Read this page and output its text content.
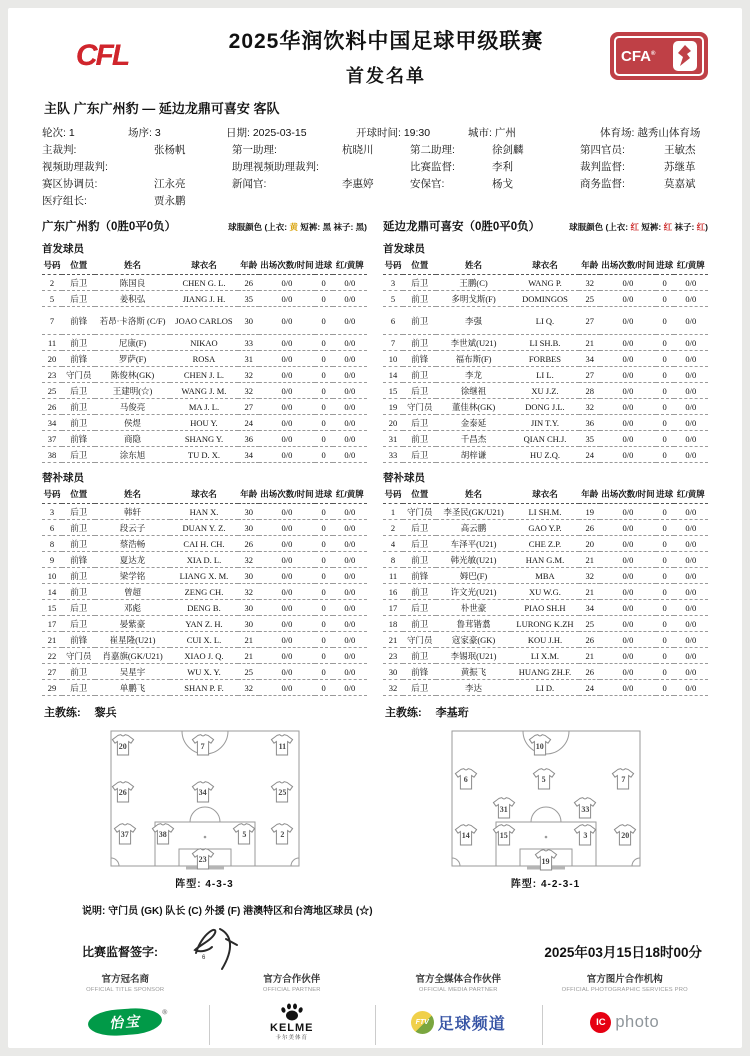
CFL	2025华润饮料中国足球甲级联赛
首发名单
CFA®
主队 广东广州豹 — 延边龙鼎可喜安 客队
轮次: 1	场序: 3	日期: 2025-03-15	开球时间: 19:30	城市: 广州	体育场: 越秀山体育场
主裁判:	张杨帆	第一助理:	杭晓川	第二助理:	徐剑麟	第四官员:	王敏杰
视频助理裁判:	助理视频助理裁判:	比赛监督:	李利	裁判监督:	苏继革
赛区协调员:	江永亮	新闻官:	李惠婷	安保官:	杨戈	商务监督:	莫嘉斌
医疗组长:	贾永鹏
广东广州豹（0胜0平0负）	球服颜色 (上衣: 黄 短裤: 黑 袜子: 黑)
首发球员
号码	位置	姓名	球衣名	年龄	出场次数/时间	进球	红/黄牌
2	后卫	陈国良	CHEN G. L.	26	0/0	0	0/0
5	后卫	姜积弘	JIANG J. H.	35	0/0	0	0/0
7	前锋	若昂·卡洛斯 (C/F)	JOAO CARLOS	30	0/0	0	0/0
11	前卫	尼康(F)	NIKAO	33	0/0	0	0/0
20	前锋	罗萨(F)	ROSA	31	0/0	0	0/0
23	守门员	陈俊林(GK)	CHEN J. L.	32	0/0	0	0/0
25	后卫	王建明(☆)	WANG J. M.	32	0/0	0	0/0
26	前卫	马俊亮	MA J. L.	27	0/0	0	0/0
34	前卫	侯煜	HOU Y.	24	0/0	0	0/0
37	前锋	商隐	SHANG Y.	36	0/0	0	0/0
38	后卫	涂东旭	TU D. X.	34	0/0	0	0/0
替补球员
号码	位置	姓名	球衣名	年龄	出场次数/时间	进球	红/黄牌
3	后卫	韩轩	HAN X.	30	0/0	0	0/0
6	前卫	段云子	DUAN Y. Z.	30	0/0	0	0/0
8	前卫	蔡浩畅	CAI H. CH.	26	0/0	0	0/0
9	前锋	夏达龙	XIA D. L.	32	0/0	0	0/0
10	前卫	梁学铭	LIANG X. M.	30	0/0	0	0/0
14	前卫	曾超	ZENG CH.	32	0/0	0	0/0
15	后卫	邓彪	DENG B.	30	0/0	0	0/0
17	后卫	晏紫豪	YAN Z. H.	30	0/0	0	0/0
21	前锋	崔星隆(U21)	CUI X. L.	21	0/0	0	0/0
22	守门员	肖嘉旗(GK/U21)	XIAO J. Q.	21	0/0	0	0/0
27	前卫	吴星宇	WU X. Y.	25	0/0	0	0/0
29	后卫	单鹏飞	SHAN P. F.	32	0/0	0	0/0
主教练: 黎兵
20	7	11
26	34	25
37	38	5	2
23
阵型: 4-3-3
延边龙鼎可喜安（0胜0平0负）	球服颜色 (上衣: 红 短裤: 红 袜子: 红)
首发球员
号码	位置	姓名	球衣名	年龄	出场次数/时间	进球	红/黄牌
3	后卫	王鹏(C)	WANG P.	32	0/0	0	0/0
5	前卫	多明戈斯(F)	DOMINGOS	25	0/0	0	0/0
6	前卫	李强	LI Q.	27	0/0	0	0/0
7	前卫	李世斌(U21)	LI SH.B.	21	0/0	0	0/0
10	前锋	福布斯(F)	FORBES	34	0/0	0	0/0
14	前卫	李龙	LI L.	27	0/0	0	0/0
15	后卫	徐继祖	XU J.Z.	28	0/0	0	0/0
19	守门员	董佳林(GK)	DONG J.L.	32	0/0	0	0/0
20	后卫	金泰延	JIN T.Y.	36	0/0	0	0/0
31	前卫	千昌杰	QIAN CH.J.	35	0/0	0	0/0
33	后卫	胡梓谦	HU Z.Q.	24	0/0	0	0/0
替补球员
号码	位置	姓名	球衣名	年龄	出场次数/时间	进球	红/黄牌
1	守门员	李圣民(GK/U21)	LI SH.M.	19	0/0	0	0/0
2	后卫	高云鹏	GAO Y.P.	26	0/0	0	0/0
4	后卫	车泽平(U21)	CHE Z.P.	20	0/0	0	0/0
8	前卫	韩光敏(U21)	HAN G.M.	21	0/0	0	0/0
11	前锋	姆巴(F)	MBA	32	0/0	0	0/0
16	前卫	许文光(U21)	XU W.G.	21	0/0	0	0/0
17	后卫	朴世豪	PIAO SH.H	34	0/0	0	0/0
18	前卫	鲁茸锴翥	LURONG K.ZH	25	0/0	0	0/0
21	守门员	寇家豪(GK)	KOU J.H.	26	0/0	0	0/0
23	前卫	李锡珉(U21)	LI X.M.	21	0/0	0	0/0
30	前锋	黄振飞	HUANG ZH.F.	26	0/0	0	0/0
32	后卫	李达	LI D.	24	0/0	0	0/0
主教练: 李基珩
10
6	5	7
31	33
14	15	3	20
19
阵型: 4-2-3-1
说明: 守门员 (GK) 队长 (C) 外援 (F) 港澳特区和台湾地区球员 (☆)
比赛监督签字:	6	2025年03月15日18时00分
官方冠名商
OFFICIAL TITLE SPONSOR
怡宝
®
官方合作伙伴
OFFICIAL PARTNER
KELME
卡尔美体育
官方全媒体合作伙伴
OFFICIAL MEDIA PARTNER
FTV 足球频道
官方图片合作机构
OFFICIAL PHOTOGRAPHIC SERVICES PRO
IC photo
